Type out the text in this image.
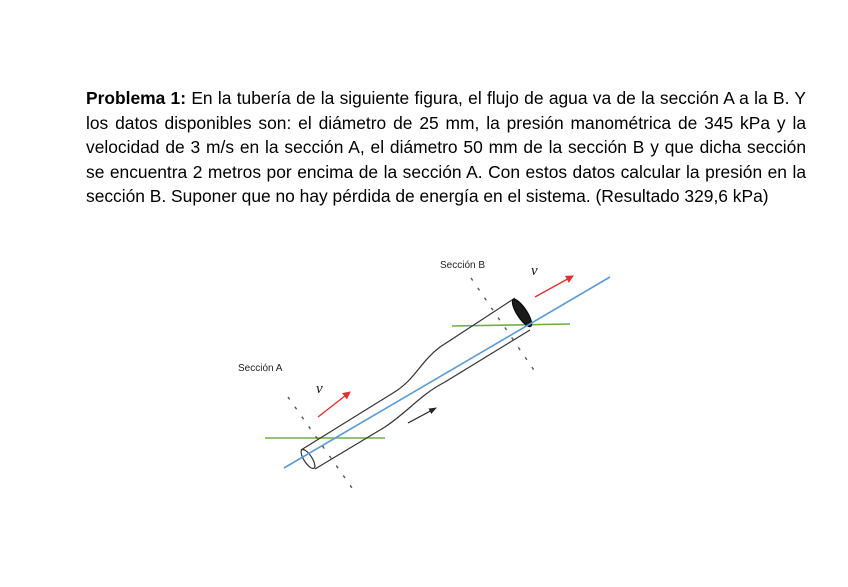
Problema 1: En la tubería de la siguiente figura, el flujo de agua va de la sección A a la B. Y los datos disponibles son: el diámetro de 25 mm, la presión manométrica de 345 kPa y la velocidad de 3 m/s en la sección A, el diámetro 50 mm de la sección B y que dicha sección se encuentra 2 metros por encima de la sección A. Con estos datos calcular la presión en la sección B. Suponer que no hay pérdida de energía en el sistema. (Resultado 329,6 kPa)
Sección B
Sección A
v
v
